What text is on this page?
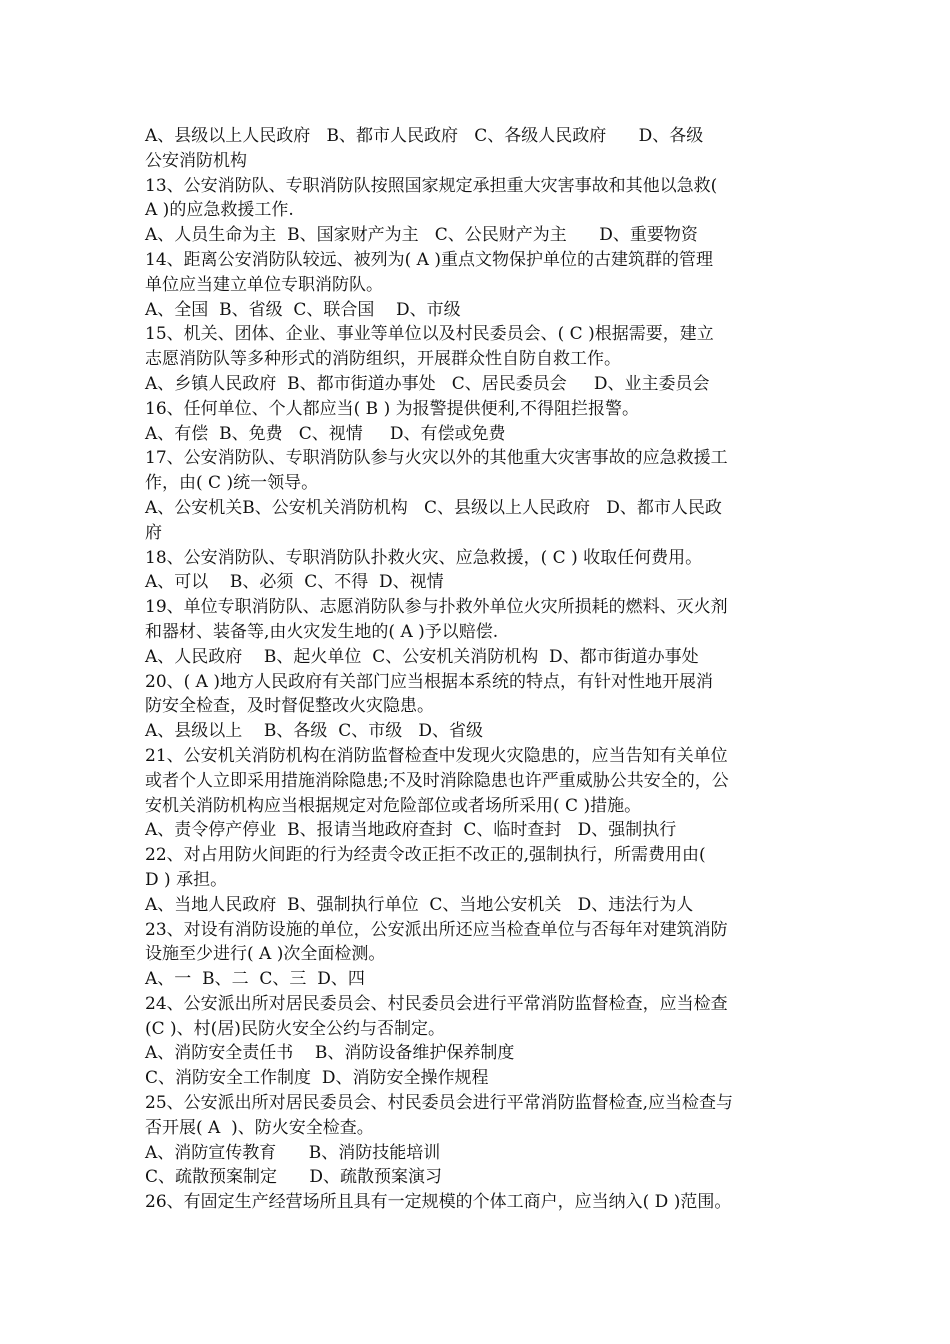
A、县级以上人民政府   B、都市人民政府   C、各级人民政府      D、各级
公安消防机构
13、公安消防队、专职消防队按照国家规定承担重大灾害事故和其他以急救(
A )的应急救援工作.
A、人员生命为主  B、国家财产为主   C、公民财产为主      D、重要物资
14、距离公安消防队较远、被列为( A )重点文物保护单位的古建筑群的管理
单位应当建立单位专职消防队。
A、全国  B、省级  C、联合国    D、市级
15、机关、团体、企业、事业等单位以及村民委员会、( C )根据需要，建立
志愿消防队等多种形式的消防组织，开展群众性自防自救工作。
A、乡镇人民政府  B、都市街道办事处   C、居民委员会     D、业主委员会
16、任何单位、个人都应当( B ) 为报警提供便利,不得阻拦报警。
A、有偿  B、免费   C、视情     D、有偿或免费
17、公安消防队、专职消防队参与火灾以外的其他重大灾害事故的应急救援工
作，由( C )统一领导。
A、公安机关B、公安机关消防机构   C、县级以上人民政府   D、都市人民政
府
18、公安消防队、专职消防队扑救火灾、应急救援，( C ) 收取任何费用。
A、可以    B、必须  C、不得  D、视情
19、单位专职消防队、志愿消防队参与扑救外单位火灾所损耗的燃料、灭火剂
和器材、装备等,由火灾发生地的( A )予以赔偿.
A、人民政府    B、起火单位  C、公安机关消防机构  D、都市街道办事处
20、( A )地方人民政府有关部门应当根据本系统的特点，有针对性地开展消
防安全检查，及时督促整改火灾隐患。
A、县级以上    B、各级  C、市级   D、省级
21、公安机关消防机构在消防监督检查中发现火灾隐患的，应当告知有关单位
或者个人立即采用措施消除隐患;不及时消除隐患也许严重威胁公共安全的，公
安机关消防机构应当根据规定对危险部位或者场所采用( C )措施。
A、责令停产停业  B、报请当地政府查封  C、临时查封   D、强制执行
22、对占用防火间距的行为经责令改正拒不改正的,强制执行，所需费用由(
D ) 承担。
A、当地人民政府  B、强制执行单位  C、当地公安机关   D、违法行为人
23、对设有消防设施的单位，公安派出所还应当检查单位与否每年对建筑消防
设施至少进行( A )次全面检测。
A、一  B、二  C、三  D、四
24、公安派出所对居民委员会、村民委员会进行平常消防监督检查，应当检查
(C )、村(居)民防火安全公约与否制定。
A、消防安全责任书    B、消防设备维护保养制度
C、消防安全工作制度  D、消防安全操作规程
25、公安派出所对居民委员会、村民委员会进行平常消防监督检查,应当检查与
否开展( A  )、防火安全检查。
A、消防宣传教育      B、消防技能培训
C、疏散预案制定      D、疏散预案演习
26、有固定生产经营场所且具有一定规模的个体工商户，应当纳入( D )范围。
